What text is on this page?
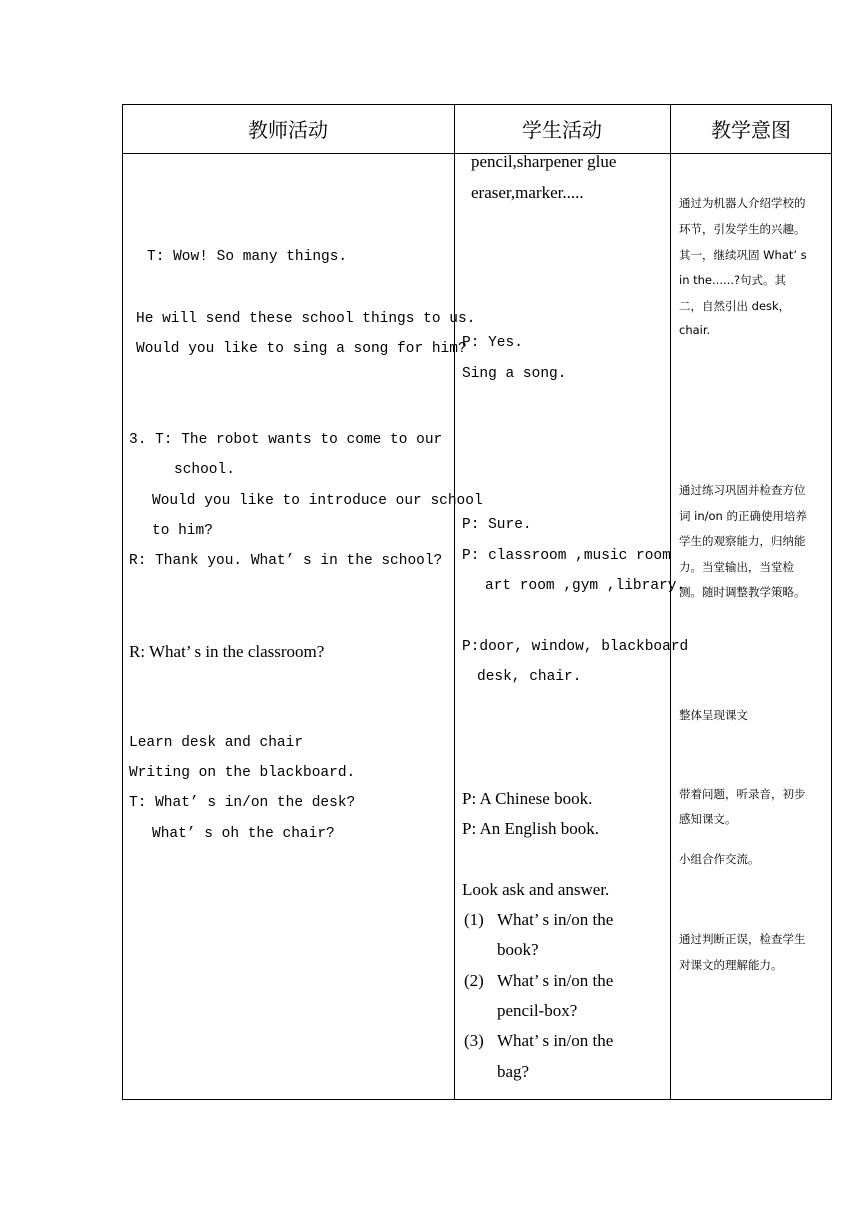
教师活动	学生活动	教学意图
T: Wow! So many things.
He will send these school things to us.
Would you like to sing a song for him?
3. T: The robot wants to come to our
school.
Would you like to introduce our school
to him?
R: Thank you. What’ s in the school?
R: What’ s in the classroom?
Learn desk and chair
Writing on the blackboard.
T: What’ s in/on the desk?
What’ s oh the chair?
pencil,sharpener glue
eraser,marker.....
P: Yes.
Sing a song.
P: Sure.
P: classroom ,music room
art room ,gym ,library.
P:door, window, blackboard
desk, chair.
P: A Chinese book.
P: An English book.
Look ask and answer.
(1) What’ s in/on the
book?
(2) What’ s in/on the
pencil-box?
(3) What’ s in/on the
bag?
通过为机器人介绍学校的
环节，引发学生的兴趣。
其一，继续巩固 What’ s
in the......?句式。其
二，自然引出 desk，
chair.
通过练习巩固并检查方位
词 in/on 的正确使用培养
学生的观察能力，归纳能
力。当堂输出，当堂检
测。随时调整教学策略。
整体呈现课文
带着问题，听录音，初步
感知课文。
小组合作交流。
通过判断正误，检查学生
对课文的理解能力。
